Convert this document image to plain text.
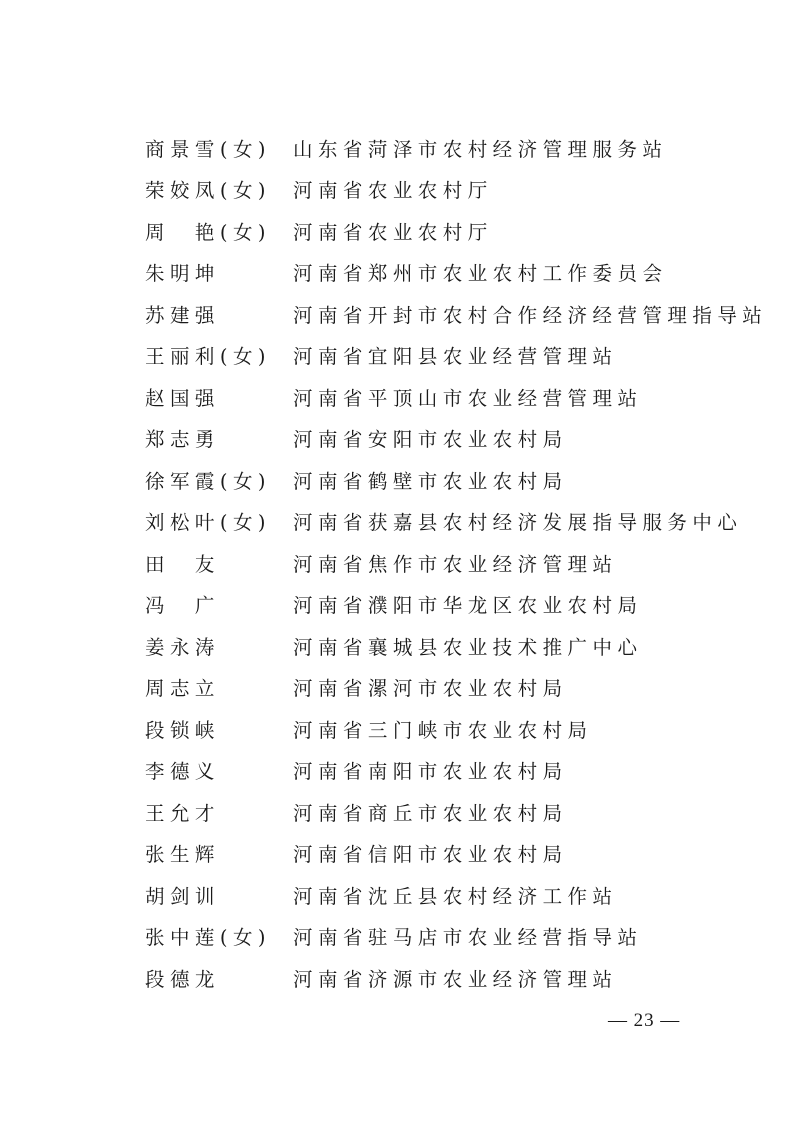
商景雪(女)	山东省菏泽市农村经济管理服务站
荣姣凤(女)	河南省农业农村厅
周　艳(女)	河南省农业农村厅
朱明坤	河南省郑州市农业农村工作委员会
苏建强	河南省开封市农村合作经济经营管理指导站
王丽利(女)	河南省宜阳县农业经营管理站
赵国强	河南省平顶山市农业经营管理站
郑志勇	河南省安阳市农业农村局
徐军霞(女)	河南省鹤壁市农业农村局
刘松叶(女)	河南省获嘉县农村经济发展指导服务中心
田　友	河南省焦作市农业经济管理站
冯　广	河南省濮阳市华龙区农业农村局
姜永涛	河南省襄城县农业技术推广中心
周志立	河南省漯河市农业农村局
段锁峡	河南省三门峡市农业农村局
李德义	河南省南阳市农业农村局
王允才	河南省商丘市农业农村局
张生辉	河南省信阳市农业农村局
胡剑训	河南省沈丘县农村经济工作站
张中莲(女)	河南省驻马店市农业经营指导站
段德龙	河南省济源市农业经济管理站
— 23 —
